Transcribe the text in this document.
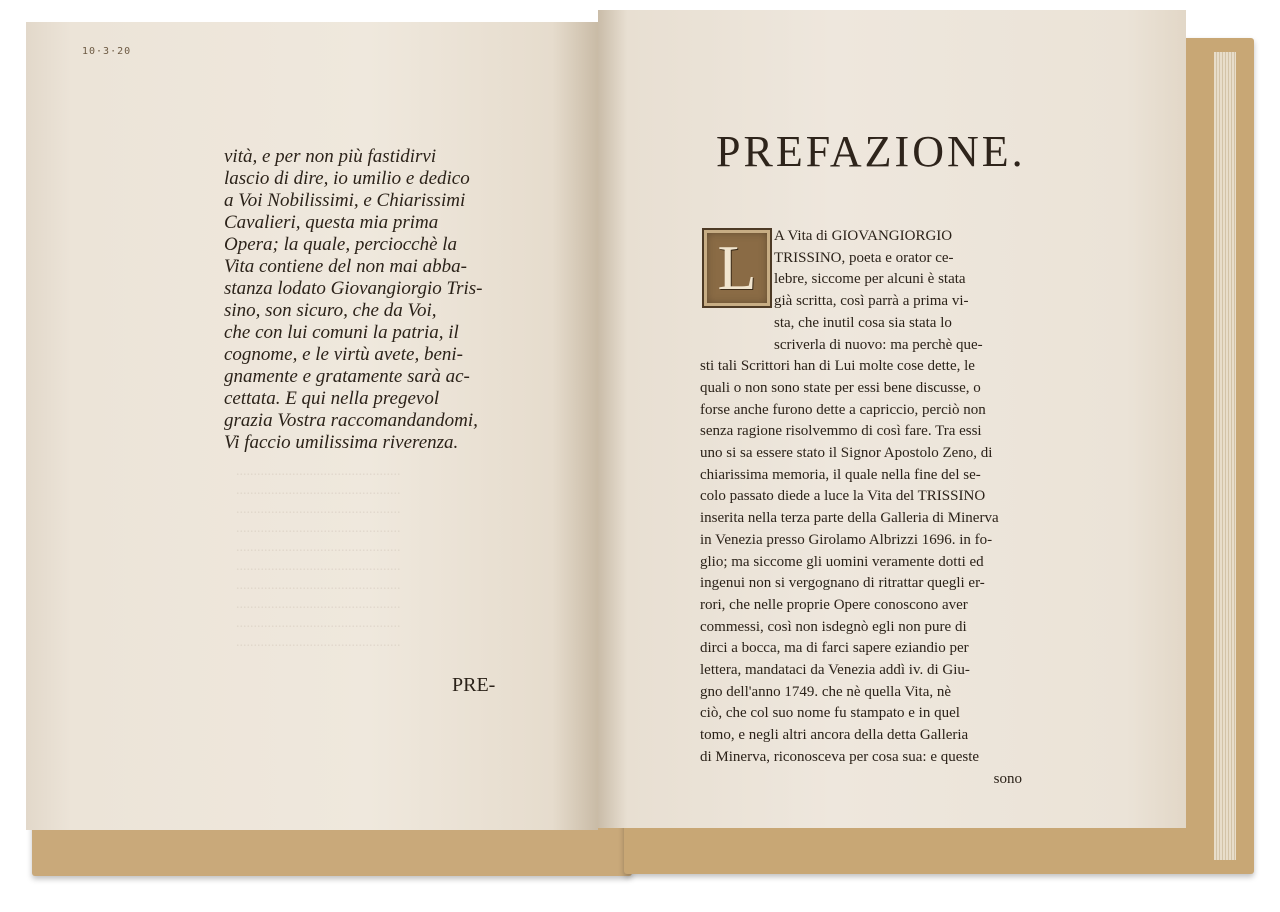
...............................................
...............................................
...............................................
...............................................
...............................................
...............................................
...............................................
...............................................
...............................................
...............................................
10·3·20
vità, e per non più fastidirvi
lascio di dire, io umilio e dedico
a Voi Nobilissimi, e Chiarissimi
Cavalieri, questa mia prima
Opera; la quale, perciocchè la
Vita contiene del non mai abba-
stanza lodato Giovangiorgio Tris-
sino, son sicuro, che da Voi,
che con lui comuni la patria, il
cognome, e le virtù avete, beni-
gnamente e gratamente sarà ac-
cettata. E qui nella pregevol
grazia Vostra raccomandandomi,
Vi faccio umilissima riverenza.
PRE-
PREFAZIONE.
L	A Vita di GIOVANGIORGIO
TRISSINO, poeta e orator ce-
lebre, siccome per alcuni è stata
già scritta, così parrà a prima vi-
sta, che inutil cosa sia stata lo
scriverla di nuovo: ma perchè que-
sti tali Scrittori han di Lui molte cose dette, le
quali o non sono state per essi bene discusse, o
forse anche furono dette a capriccio, perciò non
senza ragione risolvemmo di così fare. Tra essi
uno si sa essere stato il Signor Apostolo Zeno, di
chiarissima memoria, il quale nella fine del se-
colo passato diede a luce la Vita del TRISSINO
inserita nella terza parte della Galleria di Minerva
in Venezia presso Girolamo Albrizzi 1696. in fo-
glio; ma siccome gli uomini veramente dotti ed
ingenui non si vergognano di ritrattar quegli er-
rori, che nelle proprie Opere conoscono aver
commessi, così non isdegnò egli non pure di
dirci a bocca, ma di farci sapere eziandio per
lettera, mandataci da Venezia addì iv. di Giu-
gno dell'anno 1749. che nè quella Vita, nè
ciò, che col suo nome fu stampato e in quel
tomo, e negli altri ancora della detta Galleria
di Minerva, riconosceva per cosa sua: e queste
sono
